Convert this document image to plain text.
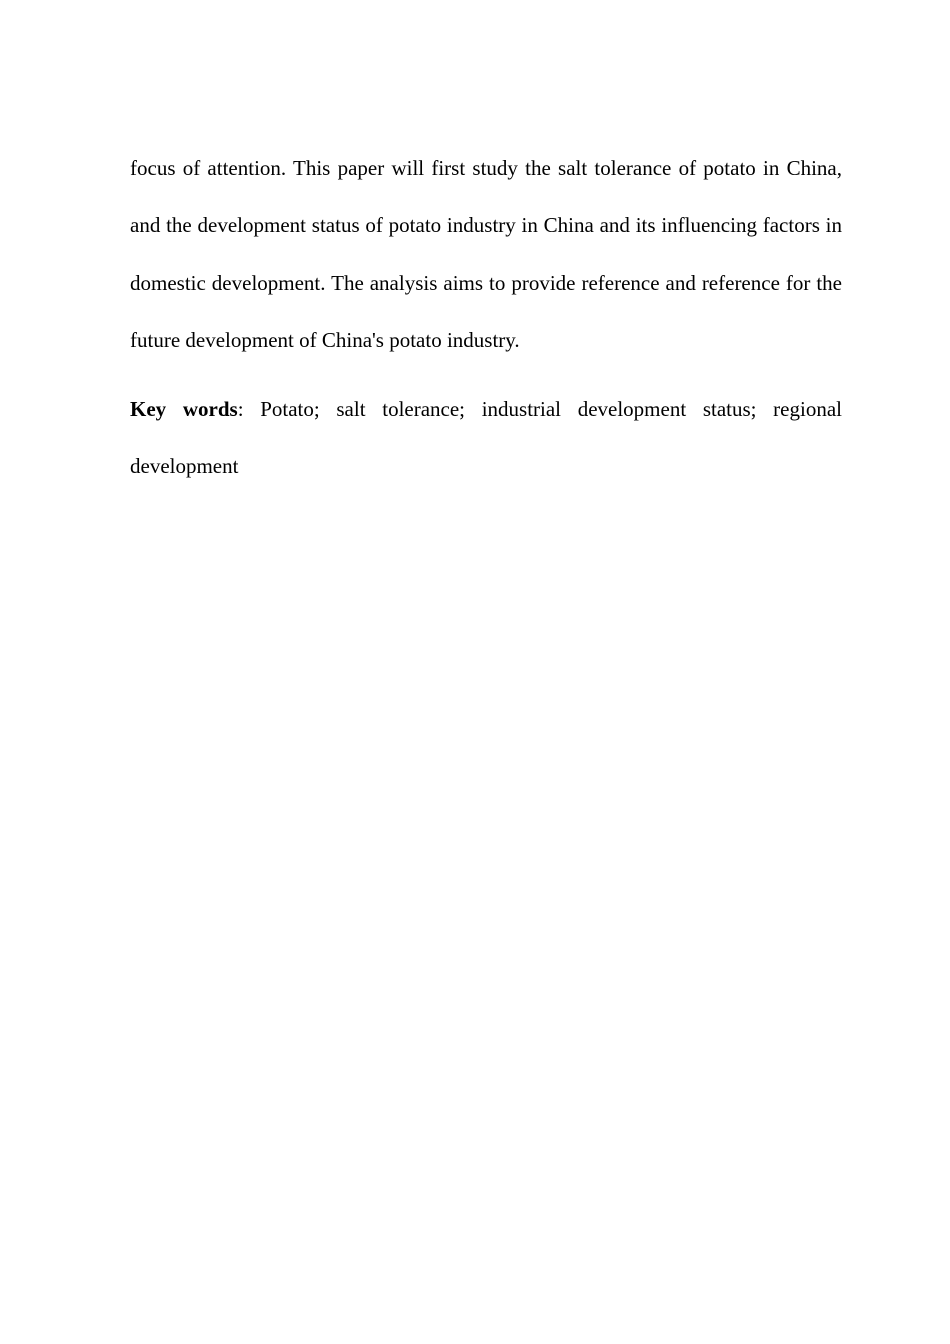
focus of attention. This paper will first study the salt tolerance of potato in China, and the development status of potato industry in China and its influencing factors in domestic development. The analysis aims to provide reference and reference for the future development of China's potato industry.

Key words: Potato; salt tolerance; industrial development status; regional development
